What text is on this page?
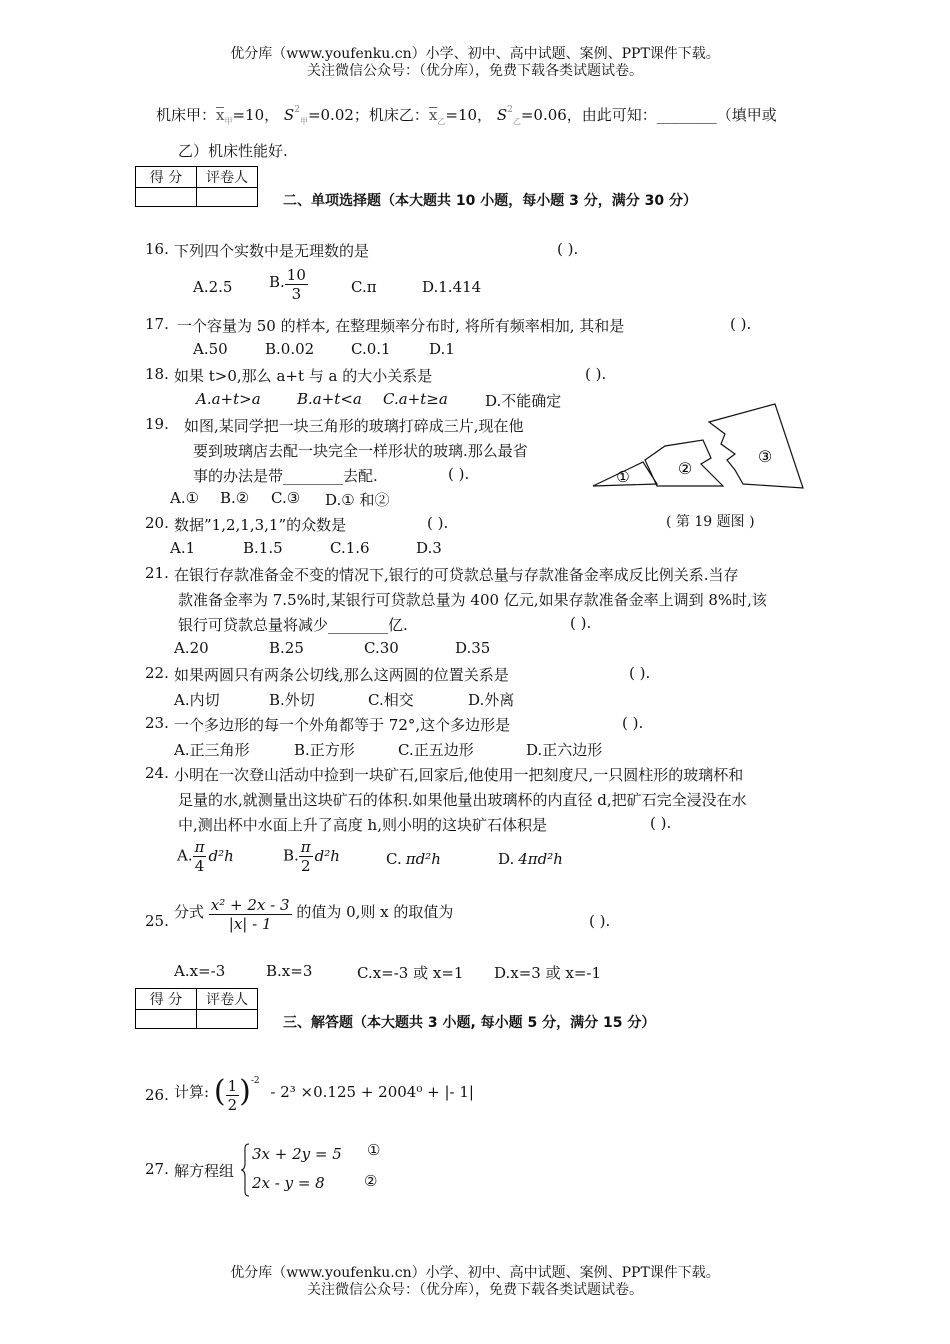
优分库（www.youfenku.cn）小学、初中、高中试题、案例、PPT课件下载。
关注微信公众号：（优分库），免费下载各类试题试卷。
机床甲：$x_甲=10$， $S^2_甲=0.02$；机床乙：$x_乙=10$， $S^2_乙=0.06$，由此可知：________（填甲或
乙）机床性能好.
得 分	评卷人

二、单项选择题（本大题共 10 小题，每小题 3 分，满分 30 分）
16. 下列四个实数中是无理数的是	( ).
A.2.5 B. $\frac{10}{3}$	C.π	D.1.414
17. 一个容量为 50 的样本, 在整理频率分布时, 将所有频率相加, 其和是	( ).
A.50 B.0.02 C.0.1	D.1
18. 如果 t>0,那么 a+t 与 a 的大小关系是	( ).
A.a+t>a B.a+t<a C.a+t≥a D.不能确定
19. 如图,某同学把一块三角形的玻璃打碎成三片,现在他
要到玻璃店去配一块完全一样形状的玻璃.那么最省
事的办法是带________去配.	( ).
A.① B.② C.③ D.① 和②
①	②
③
( 第 19 题图 )
20. 数据”1,2,1,3,1”的众数是	( ).
A.1	B.1.5	C.1.6	D.3
21. 在银行存款准备金不变的情况下,银行的可贷款总量与存款准备金率成反比例关系.当存
款准备金率为 7.5%时,某银行可贷款总量为 400 亿元,如果存款准备金率上调到 8%时,该
银行可贷款总量将减少________亿.	( ).
A.20	B.25	C.30	D.35
22. 如果两圆只有两条公切线,那么这两圆的位置关系是	( ).
A.内切	B.外切	C.相交	D.外离
23. 一个多边形的每一个外角都等于 72°,这个多边形是	( ).
A.正三角形	B.正方形	C.正五边形	D.正六边形
24. 小明在一次登山活动中捡到一块矿石,回家后,他使用一把刻度尺,一只圆柱形的玻璃杯和
足量的水,就测量出这块矿石的体积.如果他量出玻璃杯的内直径 d,把矿石完全浸没在水
中,测出杯中水面上升了高度 h,则小明的这块矿石体积是	( ).
A. $\frac{\pi}{4} d^2h$	B. $\frac{\pi}{2} d^2h$	C. πd²h	D. 4πd²h
25.
分式 $\frac{\text{x² + 2x - 3}}{|x| - 1}$ 的值为 0,则 x 的取值为
( ).
A.x=-3	B.x=3	C.x=-3 或 x=1 D.x=3 或 x=-1
得 分	评卷人

三、解答题（本大题共 3 小题, 每小题 5 分，满分 15 分）
26. 计算: ( $\frac{1}{2} )^{-2} - 2^3 \times 0.125 + 2004^0$ + |- 1|
27. 解方程组
3x + 2y = 5 ①
2x - y = 8	②
优分库（www.youfenku.cn）小学、初中、高中试题、案例、PPT课件下载。
关注微信公众号：（优分库），免费下载各类试题试卷。
